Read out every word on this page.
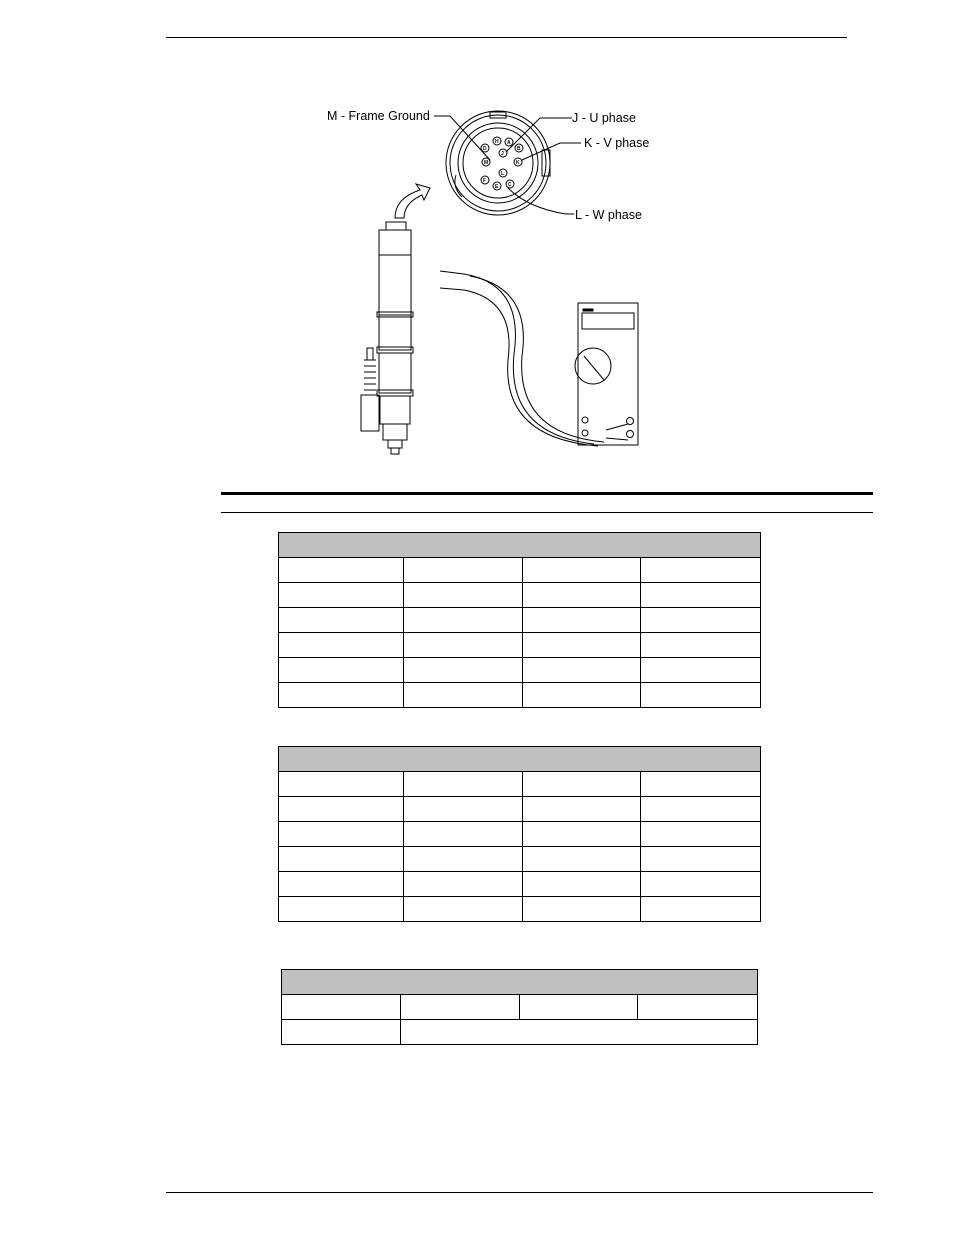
D
H A
B
J
M	K
L
F
E C
M - Frame Ground	J - U phase
K - V phase
L - W phase
